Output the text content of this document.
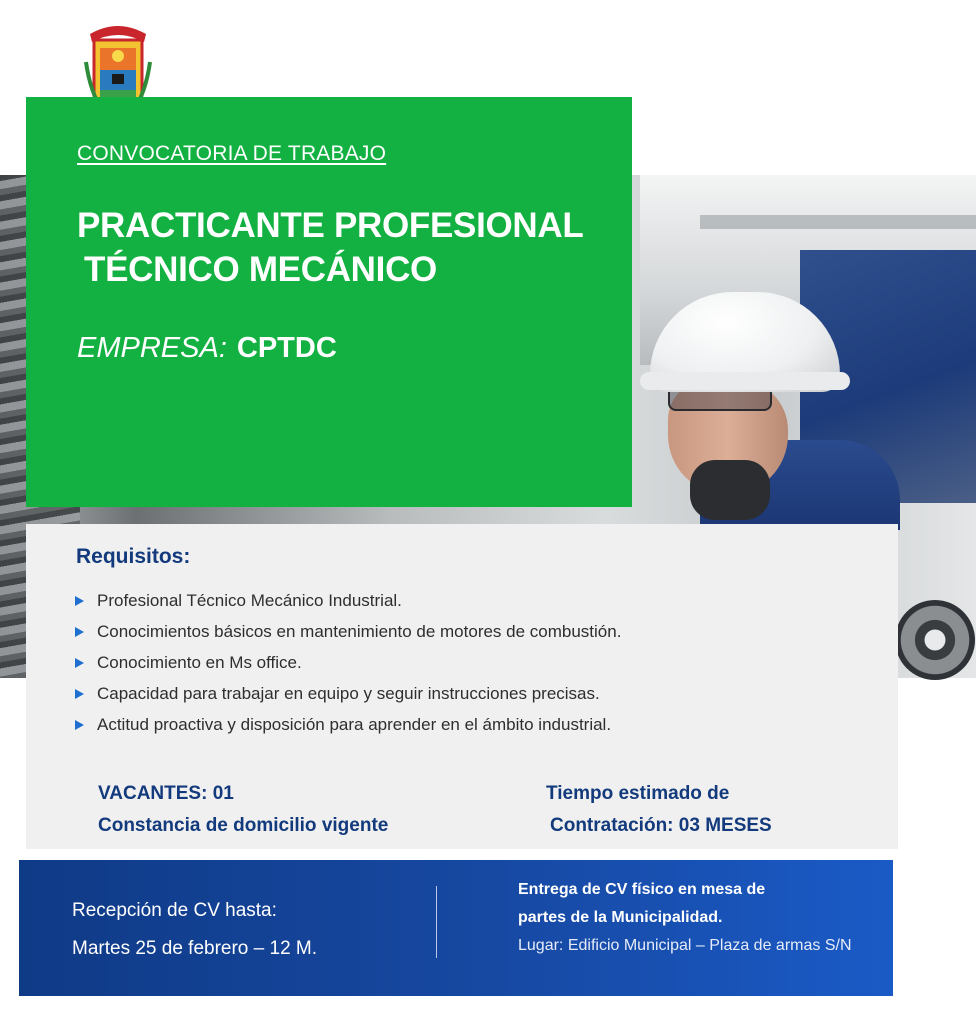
CONVOCATORIA DE TRABAJO
PRACTICANTE PROFESIONAL
TÉCNICO MECÁNICO
EMPRESA: CPTDC
Requisitos:
Profesional Técnico Mecánico Industrial.
Conocimientos básicos en mantenimiento de motores de combustión.
Conocimiento en Ms office.
Capacidad para trabajar en equipo y seguir instrucciones precisas.
Actitud proactiva y disposición para aprender en el ámbito industrial.
VACANTES: 01
Constancia de domicilio vigente
Tiempo estimado de
Contratación: 03 MESES
Recepción de CV hasta:
Martes 25 de febrero – 12 M.
Entrega de CV físico en mesa de
partes de la Municipalidad.
Lugar: Edificio Municipal – Plaza de armas S/N
